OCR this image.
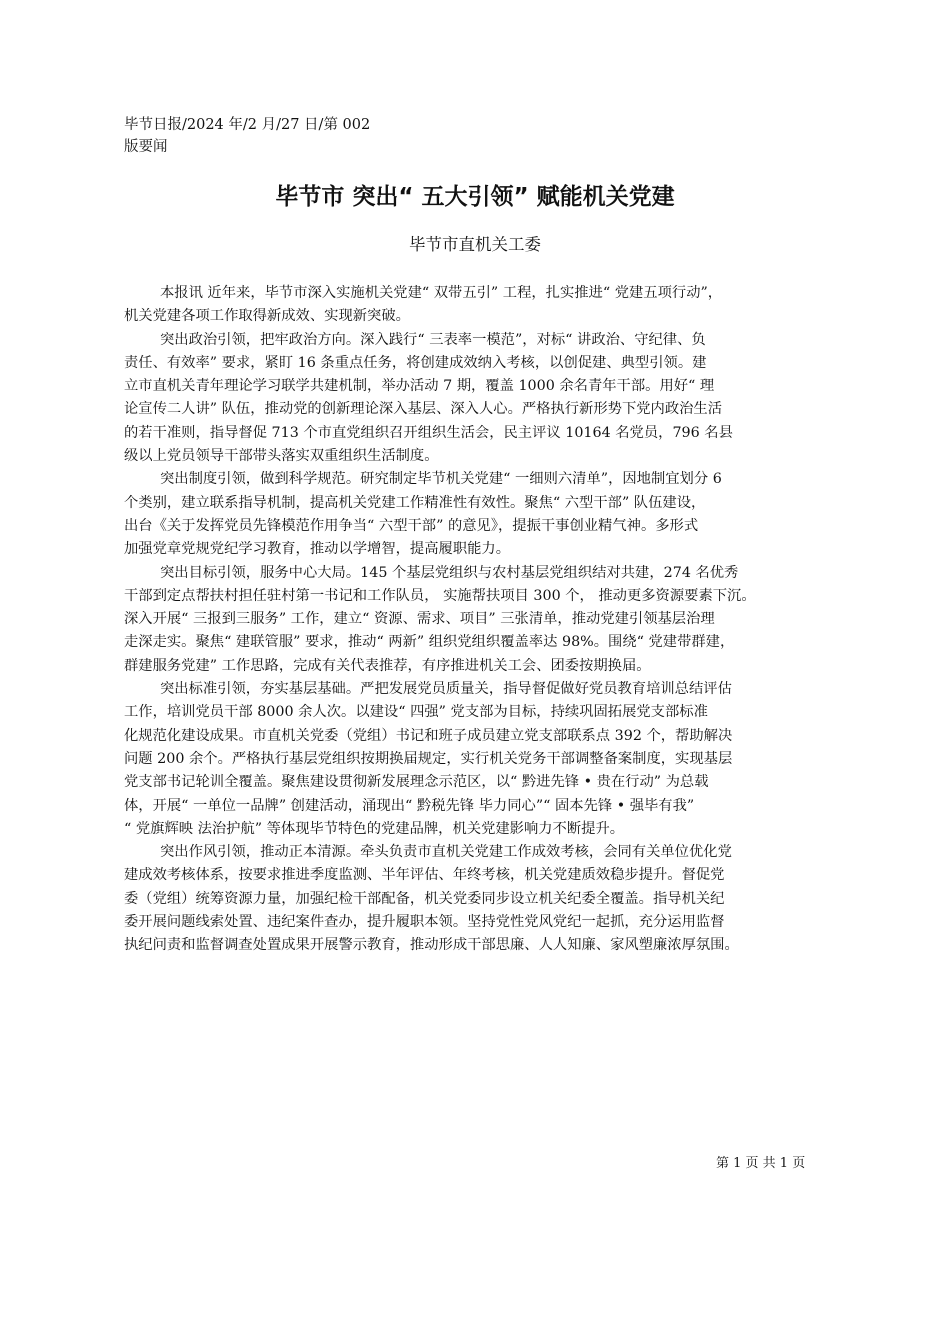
毕节日报/2024 年/2 月/27 日/第 002
版要闻
毕节市 突出“ 五大引领” 赋能机关党建
毕节市直机关工委
本报讯 近年来，毕节市深入实施机关党建“ 双带五引” 工程，扎实推进“ 党建五项行动”，
机关党建各项工作取得新成效、实现新突破。
突出政治引领，把牢政治方向。深入践行“ 三表率一模范”，对标“ 讲政治、守纪律、负
责任、有效率” 要求，紧盯 16 条重点任务，将创建成效纳入考核，以创促建、典型引领。建
立市直机关青年理论学习联学共建机制，举办活动 7 期，覆盖 1000 余名青年干部。用好“ 理
论宣传二人讲” 队伍，推动党的创新理论深入基层、深入人心。严格执行新形势下党内政治生活
的若干准则，指导督促 713 个市直党组织召开组织生活会，民主评议 10164 名党员，796 名县
级以上党员领导干部带头落实双重组织生活制度。
突出制度引领，做到科学规范。研究制定毕节机关党建“ 一细则六清单”，因地制宜划分 6
个类别，建立联系指导机制，提高机关党建工作精准性有效性。聚焦“ 六型干部” 队伍建设，
出台《关于发挥党员先锋模范作用争当“ 六型干部” 的意见》，提振干事创业精气神。多形式
加强党章党规党纪学习教育，推动以学增智，提高履职能力。
突出目标引领，服务中心大局。145 个基层党组织与农村基层党组织结对共建，274 名优秀
干部到定点帮扶村担任驻村第一书记和工作队员， 实施帮扶项目 300 个， 推动更多资源要素下沉。
深入开展“ 三报到三服务” 工作，建立“ 资源、需求、项目” 三张清单，推动党建引领基层治理
走深走实。聚焦“ 建联管服” 要求，推动“ 两新” 组织党组织覆盖率达 98%。围绕“ 党建带群建，
群建服务党建” 工作思路，完成有关代表推荐，有序推进机关工会、团委按期换届。
突出标准引领，夯实基层基础。严把发展党员质量关，指导督促做好党员教育培训总结评估
工作，培训党员干部 8000 余人次。以建设“ 四强” 党支部为目标，持续巩固拓展党支部标准
化规范化建设成果。市直机关党委（党组）书记和班子成员建立党支部联系点 392 个，帮助解决
问题 200 余个。严格执行基层党组织按期换届规定，实行机关党务干部调整备案制度，实现基层
党支部书记轮训全覆盖。聚焦建设贯彻新发展理念示范区，以“ 黔进先锋 • 贵在行动” 为总载
体，开展“ 一单位一品牌” 创建活动，涌现出“ 黔税先锋 毕力同心”“ 固本先锋 • 强毕有我”
“ 党旗辉映 法治护航” 等体现毕节特色的党建品牌，机关党建影响力不断提升。
突出作风引领，推动正本清源。牵头负责市直机关党建工作成效考核，会同有关单位优化党
建成效考核体系，按要求推进季度监测、半年评估、年终考核，机关党建质效稳步提升。督促党
委（党组）统筹资源力量，加强纪检干部配备，机关党委同步设立机关纪委全覆盖。指导机关纪
委开展问题线索处置、违纪案件查办，提升履职本领。坚持党性党风党纪一起抓，充分运用监督
执纪问责和监督调查处置成果开展警示教育，推动形成干部思廉、人人知廉、家风塑廉浓厚氛围。
第 1 页 共 1 页
